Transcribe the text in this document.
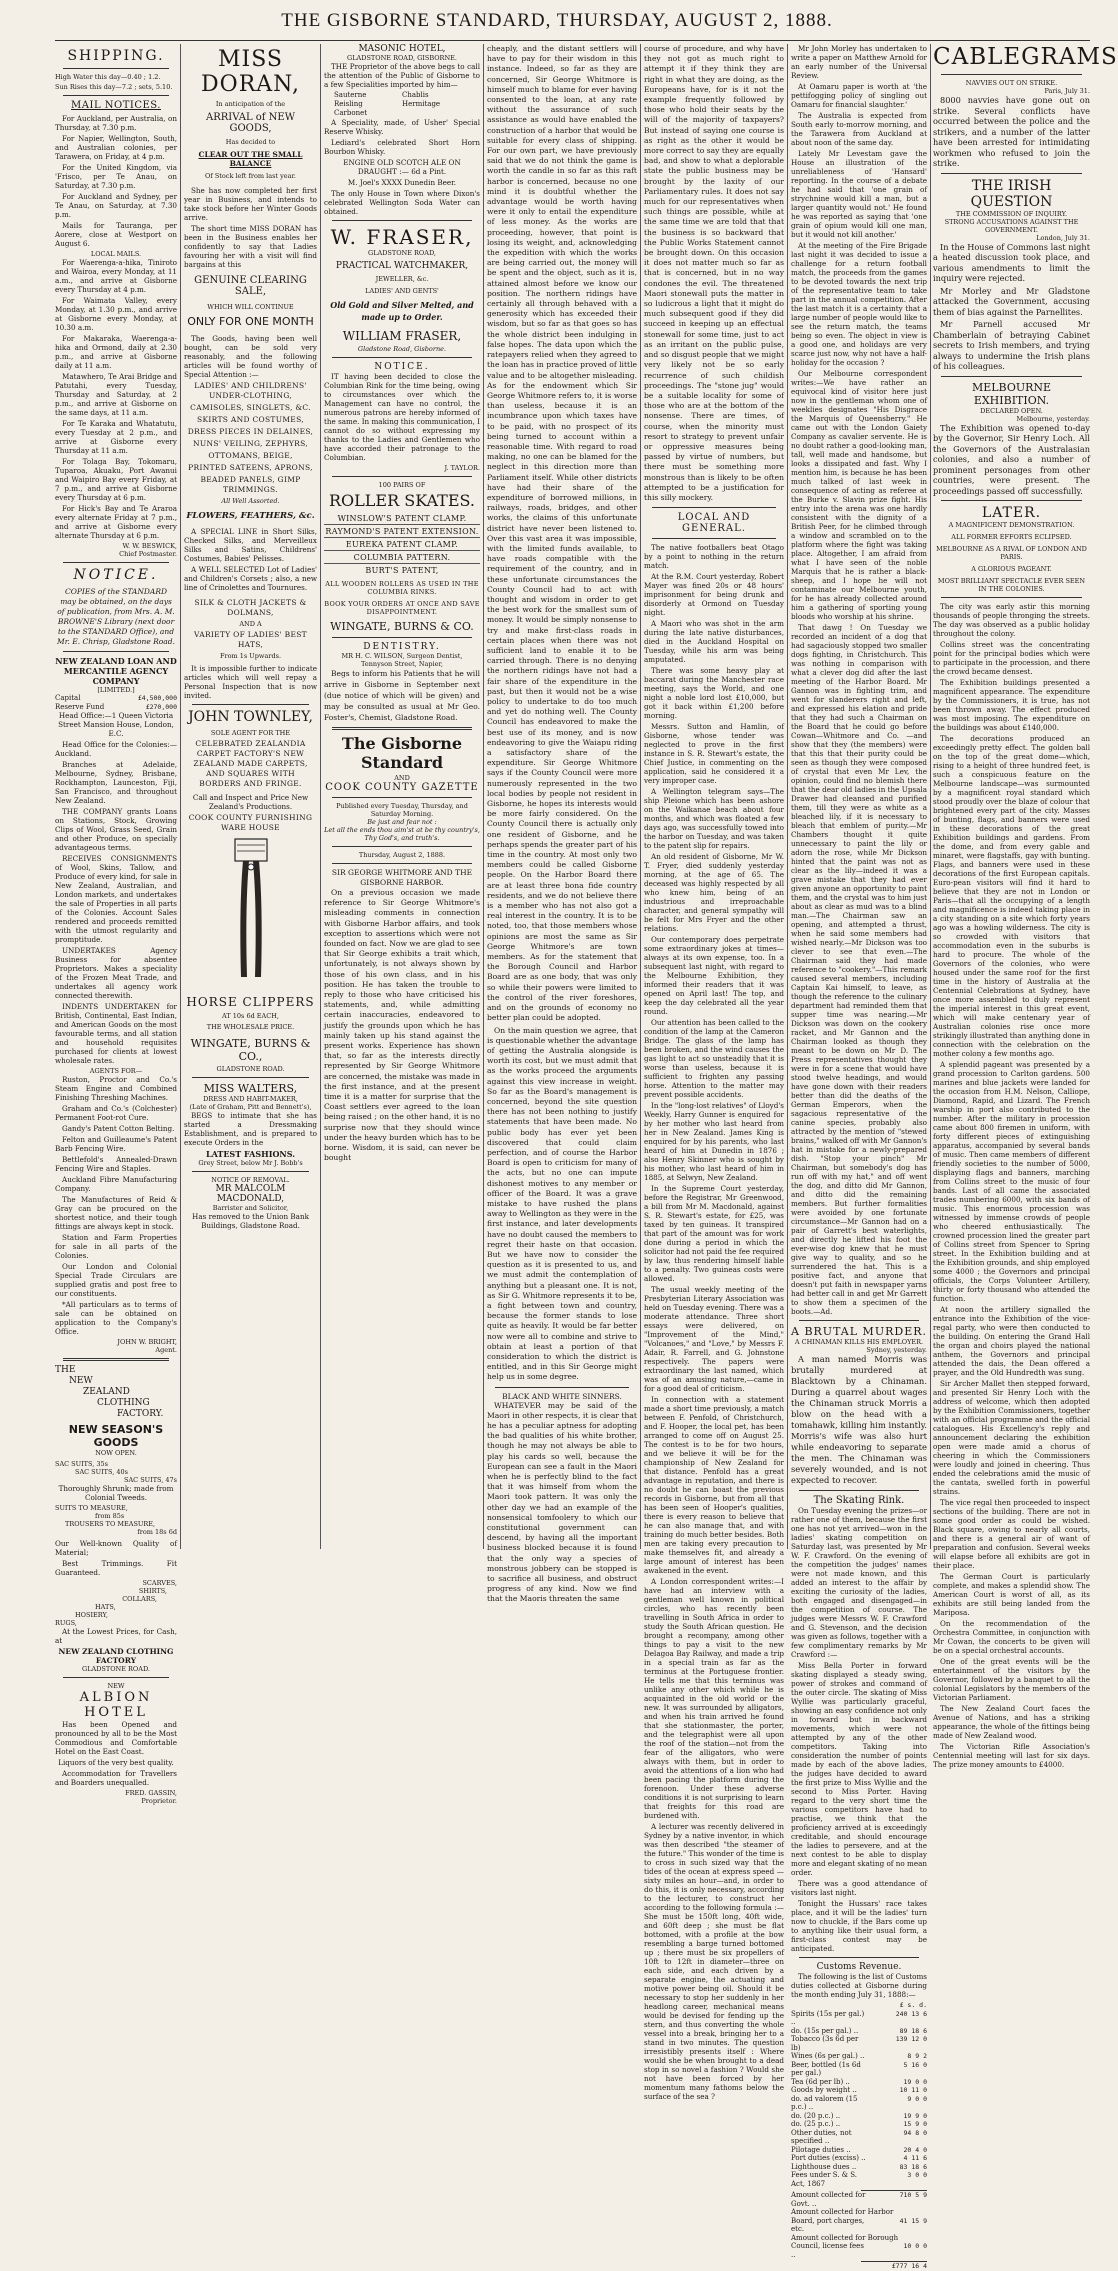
THE GISBORNE STANDARD, THURSDAY, AUGUST 2, 1888.
SHIPPING.
High Water this day—0.40 ; 1.2.
Sun Rises this day—7.2 ; sets, 5.10.
MAIL NOTICES.
For Auckland, per Australia, on Thursday, at 7.30 p.m.
For Napier, Wellington, South, and Australian colonies, per Tarawera, on Friday, at 4 p.m.
For the United Kingdom, via 'Frisco, per Te Anau, on Saturday, at 7.30 p.m.
For Auckland and Sydney, per Te Anau, on Saturday, at 7.30 p.m.
Mails for Tauranga, per Aorere, close at Westport on August 6.
LOCAL MAILS.
For Waerenga-a-hika, Tiniroto and Wairoa, every Monday, at 11 a.m., and arrive at Gisborne every Thursday at 4 p.m.
For Waimata Valley, every Monday, at 1.30 p.m., and arrive at Gisborne every Monday, at 10.30 a.m.
For Makaraka, Waerenga-a-hika and Ormond, daily at 2.30 p.m., and arrive at Gisborne daily at 11 a.m.
Matawhero, Te Arai Bridge and Patutahi, every Tuesday, Thursday and Saturday, at 2 p.m., and arrive at Gisborne on the same days, at 11 a.m.
For Te Karaka and Whatatutu, every Tuesday at 2 p.m., and arrive at Gisborne every Thursday at 11 a.m.
For Tolaga Bay, Tokomaru, Tuparoa, Akuaku, Port Awanui and Waipiro Bay every Friday, at 7 p.m., and arrive at Gisborne every Thursday at 6 p.m.
For Hick's Bay and Te Araroa every alternate Friday at 7 p.m., and arrive at Gisborne every alternate Thursday at 6 p.m.
W. W. BESWICK,
Chief Postmaster.
NOTICE.
COPIES of the STANDARD
may be obtained, on the days
of publication, from Mrs. A. M.
BROWNE'S Library (next door
to the STANDARD Office), and
Mr. E. Chrisp, Gladstone Road.
NEW ZEALAND LOAN AND MERCANTILE AGENCY COMPANY
[LIMITED.]
Capital	£4,500,000
Reserve Fund	£270,000
Head Office:—1 Queen Victoria Street Mansion House, London, E.C.
Head Office for the Colonies:—Auckland.
Branches at Adelaide, Melbourne, Sydney, Brisbane, Rockhampton, Launceston, Fiji, San Francisco, and throughout New Zealand.
THE COMPANY grants Loans on Stations, Stock, Growing Clips of Wool, Grass Seed, Grain and other Produce, on specially advantageous terms.
RECEIVES CONSIGNMENTS of Wool, Skins, Tallow, and Produce of every kind, for sale in New Zealand, Australian, and London markets, and undertakes the sale of Properties in all parts of the Colonies. Account Sales rendered and proceeds remitted with the utmost regularity and promptitude.
UNDERTAKES Agency Business for absentee Proprietors. Makes a speciality of the Frozen Meat Trade, and undertakes all agency work connected therewith.
INDENTS UNDERTAKEN for British, Continental, East Indian, and American Goods on the most favourable terms, and all station and household requisites purchased for clients at lowest wholesale rates.
AGENTS FOR—
Ruston, Proctor and Co.'s Steam Engine and Combined Finishing Threshing Machines.
Graham and Co.'s (Colchester) Permanent Foot-rot Cure.
Gandy's Patent Cotton Belting.
Felton and Guilleaume's Patent Barb Fencing Wire.
Bettlefold's Annealed-Drawn Fencing Wire and Staples.
Auckland Fibre Manufacturing Company.
The Manufactures of Reid & Gray can be procured on the shortest notice, and their tough fittings are always kept in stock.
Station and Farm Properties for sale in all parts of the Colonies.
Our London and Colonial Special Trade Circulars are supplied gratis and post free to our constituents.
*All particulars as to terms of sale can be obtained on application to the Company's Office.
JOHN W. BRIGHT,
Agent.
THE
NEW
ZEALAND
CLOTHING
FACTORY.
NEW SEASON'S GOODS
NOW OPEN.
SAC SUITS, 35s
SAC SUITS, 40s
SAC SUITS, 47s
Thoroughly Shrunk; made from Colonial Tweeds.
SUITS TO MEASURE,
from 85s
TROUSERS TO MEASURE,
from 18s 6d
Our Well-known Quality of Material;
Best Trimmings. Fit Guaranteed.
SCARVES,
SHIRTS,
COLLARS,
HATS,
HOSIERY,
RUGS,
At the Lowest Prices, for Cash, at
NEW ZEALAND CLOTHING FACTORY
GLADSTONE ROAD.
NEW
ALBION HOTEL
Has been Opened and pronounced by all to be the Most Commodious and Comfortable Hotel on the East Coast.
Liquors of the very best quality.
Accommodation for Travellers and Boarders unequalled.
FRED. GASSIN,
Proprietor.
MISS DORAN,
In anticipation of the
ARRIVAL of NEW GOODS,
Has decided to
CLEAR OUT THE SMALL BALANCE
Of Stock left from last year.
She has now completed her first year in Business, and intends to take stock before her Winter Goods arrive.
The short time MISS DORAN has been in the Business enables her confidently to say that Ladies favouring her with a visit will find bargains at this
GENUINE CLEARING SALE,
WHICH WILL CONTINUE
ONLY FOR ONE MONTH
The Goods, having been well bought, can be sold very reasonably, and the following articles will be found worthy of Special Attention :—
LADIES' AND CHILDRENS' UNDER-CLOTHING,
CAMISOLES, SINGLETS, &C.
SKIRTS AND COSTUMES,
DRESS PIECES IN DELAINES,
NUNS' VEILING, ZEPHYRS,
OTTOMANS, BEIGE,
PRINTED SATEENS, APRONS,
BEADED PANELS, GIMP TRIMMINGS.
All Well Assorted.
FLOWERS, FEATHERS, &c.
A SPECIAL LINE in Short Silks, Checked Silks, and Merveilleux Silks and Satins, Childrens' Costumes, Babies' Pelisses.
A WELL SELECTED Lot of Ladies' and Children's Corsets ; also, a new line of Crinolettes and Tournures.
SILK & CLOTH JACKETS & DOLMANS,
AND A
VARIETY OF LADIES' BEST HATS,
From 1s Upwards.
It is impossible further to indicate articles which will well repay a Personal Inspection that is now invited.
JOHN TOWNLEY,
SOLE AGENT FOR THE
CELEBRATED ZEALANDIA CARPET FACTORY'S NEW ZEALAND MADE CARPETS, AND SQUARES WITH BORDERS AND FRINGE.
Call and Inspect and Price New Zealand's Productions.
COOK COUNTY FURNISHING WARE HOUSE
HORSE CLIPPERS
AT 10s 6d EACH,
THE WHOLESALE PRICE.
WINGATE, BURNS & CO.,
GLADSTONE ROAD.
MISS WALTERS,
DRESS AND HABIT-MAKER,
(Late of Graham, Pitt and Bennett's),
BEGS to intimate that she has started a Dressmaking Establishment, and is prepared to execute Orders in the
LATEST FASHIONS.
Grey Street, below Mr J. Bobb's
NOTICE OF REMOVAL.
MR MALCOLM MACDONALD,
Barrister and Solicitor,
Has removed to the Union Bank Buildings, Gladstone Road.
MASONIC HOTEL,
GLADSTONE ROAD, GISBORNE.
THE Proprietor of the above begs to call the attention of the Public of Gisborne to a few Specialities imported by him—
Sauterne	Chablis
Reisling	Hermitage
Carbonet
A Speciality, made, of Usher' Special Reserve Whisky.
Lediard's celebrated Short Horn Bourbon Whisky.
ENGINE OLD SCOTCH ALE ON DRAUGHT :— 6d a Pint.
M. Joel's XXXX Dunedin Beer.
The only House in Town where Dixon's celebrated Wellington Soda Water can obtained.
W. FRASER,
GLADSTONE ROAD,
PRACTICAL WATCHMAKER,
JEWELLER, &c.
LADIES' AND GENTS'
Old Gold and Silver Melted, and made up to Order.
WILLIAM FRASER,
Gladstone Road, Gisborne.
NOTICE.
IT having been decided to close the Columbian Rink for the time being, owing to circumstances over which the Management can have no control, the numerous patrons are hereby informed of the same. In making this communication, I cannot do so without expressing my thanks to the Ladies and Gentlemen who have accorded their patronage to the Columbian.
J. TAYLOR.
100 PAIRS OF
ROLLER SKATES.
WINSLOW'S PATENT CLAMP.
RAYMOND'S PATENT EXTENSION.
EUREKA PATENT CLAMP.
COLUMBIA PATTERN.
BURT'S PATENT,
ALL WOODEN ROLLERS AS USED IN THE COLUMBIA RINKS.
BOOK YOUR ORDERS AT ONCE AND SAVE DISAPPOINTMENT.
WINGATE, BURNS & CO.
DENTISTRY.
MR H. C. WILSON, Surgeon Dentist,
Tennyson Street, Napier,
Begs to inform his Patients that he will arrive in Gisborne in September next (due notice of which will be given) and may be consulted as usual at Mr Geo. Foster's, Chemist, Gladstone Road.
The Gisborne Standard
AND
COOK COUNTY GAZETTE
Published every Tuesday, Thursday, and Saturday Morning.
Be just and fear not :
Let all the ends thou aim'st at be thy country's, Thy God's, and truth's.
Thursday, August 2, 1888.
SIR GEORGE WHITMORE AND THE GISBORNE HARBOR.
On a previous occasion we made reference to Sir George Whitmore's misleading comments in connection with Gisborne Harbor affairs, and took exception to assertions which were not founded on fact. Now we are glad to see that Sir George exhibits a trait which, unfortunately, is not always shown by those of his own class, and in his position. He has taken the trouble to reply to those who have criticised his statements, and, while admitting certain inaccuracies, endeavored to justify the grounds upon which he has mainly taken up his stand against the present works. Experience has shown that, so far as the interests directly represented by Sir George Whitmore are concerned, the mistake was made in the first instance, and at the present time it is a matter for surprise that the Coast settlers ever agreed to the loan being raised ; on the other hand, it is no surprise now that they should wince under the heavy burden which has to be borne. Wisdom, it is said, can never be bought
cheaply, and the distant settlers will have to pay for their wisdom in this instance. Indeed, so far as they are concerned, Sir George Whitmore is himself much to blame for ever having consented to the loan, at any rate without the assurance of such assistance as would have enabled the construction of a harbor that would be suitable for every class of shipping. For our own part, we have previously said that we do not think the game is worth the candle in so far as this raft harbor is concerned, because no one mind it is doubtful whether the advantage would be worth having were it only to entail the expenditure of less money. As the works are proceeding, however, that point is losing its weight, and, acknowledging the expedition with which the works are being carried out, the money will be spent and the object, such as it is, attained almost before we know our position. The northern ridings have certainly all through behaved with a generosity which has exceeded their wisdom, but so far as that goes so has the whole district been indulging in false hopes. The data upon which the ratepayers relied when they agreed to the loan has in practice proved of little value and to be altogether misleading. As for the endowment which Sir George Whitmore refers to, it is worse than useless, because it is an incumbrance upon which taxes have to be paid, with no prospect of its being turned to account within a reasonable time. With regard to road making, no one can be blamed for the neglect in this direction more than Parliament itself. While other districts have had their share of the expenditure of borrowed millions, in railways, roads, bridges, and other works, the claims of this unfortunate district have never been listened to. Over this vast area it was impossible, with the limited funds available, to have roads compatible with the requirement of the country, and in these unfortunate circumstances the County Council had to act with thought and wisdom in order to get the best work for the smallest sum of money. It would be simply nonsense to try and make first-class roads in certain places when there was not sufficient land to enable it to be carried through. There is no denying the northern ridings have not had a fair share of the expenditure in the past, but then it would not be a wise policy to undertake to do too much and yet do nothing well. The County Council has endeavored to make the best use of its money, and is now endeavoring to give the Waiapu riding a satisfactory share of the expenditure. Sir George Whitmore says if the County Council were more numerously represented in the two local bodies by people not resident in Gisborne, he hopes its interests would be more fairly considered. On the County Council there is actually only one resident of Gisborne, and he perhaps spends the greater part of his time in the country. At most only two members could be called Gisborne people. On the Harbor Board there are at least three bona fide country residents, and we do not believe there is a member who has not also got a real interest in the country. It is to be noted, too, that those members whose opinions are most the same as Sir George Whitmore's are town members. As for the statement that the Borough Council and Harbor Board are as one body, that was only so while their powers were limited to the control of the river foreshores, and on the grounds of economy no better plan could be adopted.
On the main question we agree, that is questionable whether the advantage of getting the Australia alongside is worth its cost, but we must admit that as the works proceed the arguments against this view increase in weight. So far as the Board's management is concerned, beyond the site question there has not been nothing to justify statements that have been made. No public body has ever yet been discovered that could claim perfection, and of course the Harbor Board is open to criticism for many of the acts, but no one can impute dishonest motives to any member or officer of the Board. It was a grave mistake to have rushed the plans away to Wellington as they were in the first instance, and later developments have no doubt caused the members to regret their haste on that occasion. But we have now to consider the question as it is presented to us, and we must admit the contemplation of anything but a pleasant one. It is not, as Sir G. Whitmore represents it to be, a fight between town and country, because the former stands to lose quite as heavily. It would be far better now were all to combine and strive to obtain at least a portion of that consideration to which the district is entitled, and in this Sir George might help us in some degree.
BLACK AND WHITE SINNERS.
WHATEVER may be said of the Maori in other respects, it is clear that he has a peculiar aptness for adopting the bad qualities of his white brother, though he may not always be able to play his cards so well, because the European can see a fault in the Maori when he is perfectly blind to the fact that it was himself from whom the Maori took pattern. It was only the other day we had an example of the nonsensical tomfoolery to which our constitutional government can descend, by having all the important business blocked because it is found that the only way a species of monstrous jobbery can be stopped is to sacrifice all business, and obstruct progress of any kind. Now we find that the Maoris threaten the same
course of procedure, and why have they not got as much right to attempt it if they think they are right in what they are doing, as the Europeans have, for is it not the example frequently followed by those who hold their seats by the will of the majority of taxpayers? But instead of saying one course is as right as the other it would be more correct to say they are equally bad, and show to what a deplorable state the public business may be brought by the laxity of our Parliamentary rules. It does not say much for our representatives when such things are possible, while at the same time we are told that that the business is so backward that the Public Works Statement cannot be brought down. On this occasion it does not matter much so far as that is concerned, but in no way condones the evil. The threatened Maori stonewall puts the matter in so ludicrous a light that it might do much subsequent good if they did succeed in keeping up an effectual stonewall for some time, just to act as an irritant on the public pulse, and so disgust people that we might very likely not be so early recurrence of such childish proceedings. The "stone jug" would be a suitable locality for some of those who are at the bottom of the nonsense. There are times, of course, when the minority must resort to strategy to prevent unfair or oppressive measures being passed by virtue of numbers, but there must be something more monstrous than is likely to be often attempted to be a justification for this silly mockery.
LOCAL AND GENERAL.
The native footballers beat Otago by a point to nothing in the return match.
At the R.M. Court yesterday, Robert Mayer was fined 20s or 48 hours' imprisonment for being drunk and disorderly at Ormond on Tuesday night.
A Maori who was shot in the arm during the late native disturbances, died in the Auckland Hospital on Tuesday, while his arm was being amputated.
There was some heavy play at baccarat during the Manchester race meeting, says the World, and one night a noble lord lost £10,000, but got it back within £1,200 before morning.
Messrs. Sutton and Hamlin, of Gisborne, whose tender was neglected to prove in the first instance in S. R. Stewart's estate, the Chief Justice, in commenting on the application, said he considered it a very improper case.
A Wellington telegram says—The ship Pleione which has been ashore on the Waikanae beach about four months, and which was floated a few days ago, was successfully towed into the harbor on Tuesday, and was taken to the patent slip for repairs.
An old resident of Gisborne, Mr W. T. Fryer, died suddenly yesterday morning, at the age of 65. The deceased was highly respected by all who knew him, being of an industrious and irreproachable character, and general sympathy will be felt for Mrs Fryer and the other relations.
Our contemporary does perpetrate some extraordinary jokes at times—always at its own expense, too. In a subsequent last night, with regard to the Melbourne Exhibition, they informed their readers that it was opened on April last! The top, and keep the day celebrated all the year round.
Our attention has been called to the condition of the lamp at the Cameron Bridge. The glass of the lamp has been broken, and the wind causes the gas light to act so unsteadily that it is worse than useless, because it is sufficient to frighten any passing horse. Attention to the matter may prevent possible accidents.
In the "long-lost relatives" of Lloyd's Weekly, Harry Gunner is enquired for by her mother who last heard from her in New Zealand. James King is enquired for by his parents, who last heard of him at Dunedin in 1876 ; also Henry Skinner who is sought by his mother, who last heard of him in 1885, at Selwyn, New Zealand.
In the Supreme Court yesterday, before the Registrar, Mr Greenwood, a bill from Mr M. Macdonald, against S. R. Stewart's estate, for £25, was taxed by ten guineas. It transpired that part of the amount was for work done during a period in which the solicitor had not paid the fee required by law, thus rendering himself liable to a penalty. Two guineas costs were allowed.
The usual weekly meeting of the Presbyterian Literary Association was held on Tuesday evening. There was a moderate attendance. Three short essays were delivered, on "Improvement of the Mind," "Volcanoes," and "Love," by Messrs F. Adair, R. Farrell, and G. Johnstone respectively. The papers were extraordinary the last named, which was of an amusing nature,—came in for a good deal of criticism.
In connection with a statement made a short time previously, a match between F. Penfold, of Christchurch, and F. Hooper, the local pet, has been arranged to come off on August 25. The contest is to be for two hours, and we believe it will be for the championship of New Zealand for that distance. Penfold has a great advantage in reputation, and there is no doubt he can boast the previous records in Gisborne, but from all that has been seen of Hooper's qualities, there is every reason to believe that he can also manage that, and with training do much better besides. Both men are taking every precaution to make themselves fit, and already a large amount of interest has been awakened in the event.
A London correspondent writes:—I have had an interview with a gentleman well known in political circles, who has recently been travelling in South Africa in order to study the South African question. He brought a recompany, among other things to pay a visit to the new Delagoa Bay Railway, and made a trip in a special train as far as the terminus at the Portuguese frontier. He tells me that this terminus was unlike any other which while he is acquainted in the old world or the new. It was surrounded by alligators, and when his train arrived he found that she stationmaster, the porter, and the telegraphist were all upon the roof of the station—not from the fear of the alligators, who were always with them, but in order to avoid the attentions of a lion who had been pacing the platform during the forenoon. Under these adverse conditions it is not surprising to learn that freights for this road are burdened with.
A lecturer was recently delivered in Sydney by a native inventor, in which was then described "the steamer of the future." This wonder of the time is to cross in such sized way that the tides of the ocean at express speed —sixty miles an hour—and, in order to do this, it is only necessary, according to the lecturer, to construct her according to the following formula :— She must be 150ft long, 40ft wide, and 60ft deep ; she must be flat bottomed, with a profile at the bow resembling a barge turned bottomed up ; there must be six propellers of 10ft to 12ft in diameter—three on each side, and each driven by a separate engine, the actuating and motive power being oil. Should it be necessary to stop her suddenly in her headlong career, mechanical means would be devised for fending up the stern, and thus converting the whole vessel into a break, bringing her to a stand in two minutes. The question irresistibly presents itself : Where would she be when brought to a dead stop in so novel a fashion ? Would she not have been forced by her momentum many fathoms below the surface of the sea ?
Mr John Morley has undertaken to write a paper on Matthew Arnold for an early number of the Universal Review.
At Oamaru paper is worth at 'the pettifogging policy of singling out Oamaru for financial slaughter.'
The Australia is expected from South early to-morrow morning, and the Tarawera from Auckland at about noon of the same day.
Lately Mr Levestam gave the House an illustration of the unreliableness of 'Hansard' reporting. In the course of a debate he had said that 'one grain of strychnine would kill a man, but a larger quantity would not.' He found he was reported as saying that 'one grain of opium would kill one man, but it would not kill another.'
At the meeting of the Fire Brigade last night it was decided to issue a challenge for a return football match, the proceeds from the games to be devoted towards the next trip of the representative team to take part in the annual competition. After the last match it is a certainty that a large number of people would like to see the return match, the teams being so even. The object in view is a good one, and holidays are very scarce just now, why not have a half-holiday for the occasion ?
Our Melbourne correspondent writes:—We have rather an equivocal kind of visitor here just now in the gentleman whom one of weeklies designates "His Disgrace the Marquis of Queensberry." He came out with the London Gaiety Company as cavalier servente. He is no doubt rather a good-looking man, tall, well made and handsome, but looks a dissipated and fast. Why I mention him, is because he has been much talked of last week in consequence of acting as referee at the Burke v. Slavin prize fight. His entry into the arena was one hardly consistent with the dignity of a British Peer, for he climbed through a window and scrambled on to the platform where the fight was taking place. Altogether, I am afraid from what I have seen of the noble Marquis that he is rather a black-sheep, and I hope he will not contaminate our Melbourne youth, for he has already collected around him a gathering of sporting young bloods who worship at his shrine.
That dawg ! On Tuesday we recorded an incident of a dog that had sagaciously stopped two smaller dogs fighting, in Christchurch. This was nothing in comparison with what a clever dog did after the last meeting of the Harbor Board. Mr Gannon was in fighting trim, and went for slanderers right and left, and expressed his elation and pride that they had such a Chairman on the Board that he could go before Cowan—Whitmore and Co. —and show that they (the members) were that this that their purity could be seen as though they were composed of crystal that even Mr Lev, the opinion, could find no blemish there that the dear old ladies in the Upsala Drawer had cleansed and purified them, till they were as white as a bleached lily, if it is necessary to bleach that emblem of purity.—Mr Chambers thought it quite unnecessary to paint the lily or adorn the rose, while Mr Dickson hinted that the paint was not as clear as the lily—indeed it was a grave mistake that they had ever given anyone an opportunity to paint them, and the crystal was to him just about as clear as mud was to a blind man.—The Chairman saw an opening, and attempted a thrust, when he said some members had wished nearly.—Mr Dickson was too clever to see that even.—The Chairman said they had made reference to "cookery."—This remark caused several members, including Captain Kai himself, to leave, as though the reference to the culinary department had reminded them that supper time was nearing.—Mr Dickson was down on the cookery racket, and Mr Gannon and the Chairman looked as though they meant to be down on Mr D. The Press representatives thought they were in for a scene that would have stood twelve headings, and would have gone down with their readers better than did the deaths of the German Emperors, when the sagacious representative of the canine species, probably also attracted by the mention of "stewed brains," walked off with Mr Gannon's hat in mistake for a newly-prepared dish. "Stop your pinch" Mr Chairman, but somebody's dog has run off with my hat," and off went the dog, and ditto did Mr Gannon, and ditto did the remaining members. But further formalities were avoided by one fortunate circumstance—Mr Gannon had on a pair of Garrett's best waterlights, and directly he lifted his foot the ever-wise dog knew that he must give way to quality, and so he surrendered the hat. This is a positive fact, and anyone that doesn't put faith in newspaper yarns had better call in and get Mr Garrett to show them a specimen of the boots.—Ad.
A BRUTAL MURDER.
A CHINAMAN KILLS HIS EMPLOYER.
Sydney, yesterday.
A man named Morris was brutally murdered at Blacktown by a Chinaman. During a quarrel about wages the Chinaman struck Morris a blow on the head with a tomahawk, killing him instantly. Morris's wife was also hurt while endeavoring to separate the men. The Chinaman was severely wounded, and is not expected to recover.
The Skating Rink.
On Tuesday evening the prizes—or rather one of them, because the first one has not yet arrived—won in the ladies' skating competition on Saturday last, was presented by Mr W. F. Crawford. On the evening of the competition the judges' names were not made known, and this added an interest to the affair by exciting the curiosity of the ladies, both engaged and disengaged—in the competition of course. The judges were Messrs W. F. Crawford and G. Stevenson, and the decision was given as follows, together with a few complimentary remarks by Mr Crawford :—
Miss Bella Porter in forward skating displayed a steady swing, power of strokes and command of the outer circle. The skating of Miss Wyllie was particularly graceful, showing an easy confidence not only in forward but in backward movements, which were not attempted by any of the other competitors. Taking into consideration the number of points made by each of the above ladies, the judges have decided to award the first prize to Miss Wyllie and the second to Miss Porter. Having regard to the very short time the various competitors have had to practise, we think that the proficiency arrived at is exceedingly creditable, and should encourage the ladies to persevere, and at the next contest to be able to display more and elegant skating of no mean order.
There was a good attendance of visitors last night.
Tonight the Hussars' race takes place, and it will be the ladies' turn now to chuckle, if the Bars come up to anything like their usual form, a first-class contest may be anticipated.
Customs Revenue.
The following is the list of Customs duties collected at Gisborne during the month ending July 31, 1888:—
£ s. d.
Spirits (15s per gal.) ..
240 13 6
do. (15s per gal.) ..	89 18 6
Tobacco (3s 6d per lb)
139 12 0
Wines (6s per gal.) ..	8 9 2
Beer, bottled (1s 6d per gal.)
5 16 0
Tea (6d per lb) ..	19 0 0
Goods by weight ..	10 11 0
do. ad valorem (15 p.c.) ..
9 0 0
do. (20 p.c.) ..	19 9 0
do. (25 p.c.) ..	15 9 0
Other duties, not specified ..
94 8 0
Pilotage duties ..	20 4 0
Port duties (exciss) ..	4 11 6
Lighthouse dues ..	83 18 6
Fees under S. & S. Act, 1867
3 0 0
Amount collected for Govt. ..
710 5 9
Amount collected for Harbor
Board, port charges, etc.
41 15 9
Amount collected for Borough
Council, license fees ..
10 0 0
£777 16 4
CABLEGRAMS
NAVVIES OUT ON STRIKE.
Paris, July 31.
8000 navvies have gone out on strike. Several conflicts have occurred between the police and the strikers, and a number of the latter have been arrested for intimidating workmen who refused to join the strike.
THE IRISH QUESTION
THE COMMISSION OF INQUIRY.
STRONG ACCUSATIONS AGAINST THE GOVERNMENT.
London, July 31.
In the House of Commons last night a heated discussion took place, and various amendments to limit the inquiry were rejected.
Mr Morley and Mr Gladstone attacked the Government, accusing them of bias against the Parnellites.
Mr Parnell accused Mr Chamberlain of betraying Cabinet secrets to Irish members, and trying always to undermine the Irish plans of his colleagues.
MELBOURNE EXHIBITION.
DECLARED OPEN.
Melbourne, yesterday.
The Exhibition was opened to-day by the Governor, Sir Henry Loch. All the Governors of the Australasian colonies, and also a number of prominent personages from other countries, were present. The proceedings passed off successfully.
LATER.
A MAGNIFICENT DEMONSTRATION.
ALL FORMER EFFORTS ECLIPSED.
MELBOURNE AS A RIVAL OF LONDON AND PARIS.
A GLORIOUS PAGEANT.
MOST BRILLIANT SPECTACLE EVER SEEN IN THE COLONIES.
The city was early astir this morning thousands of people thronging the streets. The day was observed as a public holiday throughout the colony.
Collins street was the concentrating point for the principal bodies which were to participate in the procession, and there the crowd became densest.
The Exhibition buildings presented a magnificent appearance. The expenditure by the Commissioners, it is true, has not been thrown away. The effect produced was most imposing. The expenditure on the buildings was about £140,000.
The decorations produced an exceedingly pretty effect. The golden ball on the top of the great dome—which, rising to a height of three hundred feet, is such a conspicuous feature on the Melbourne landscape—was surmounted by a magnificent royal standard which stood proudly over the blaze of colour that brightened every part of the city. Masses of bunting, flags, and banners were used in these decorations of the great Exhibition buildings and gardens. From the dome, and from every gable and minaret, were flagstaffs, gay with bunting. Flags, and banners were used in these decorations of the first European capitals. Euro-pean visitors will find it hard to believe that they are not in London or Paris—that all the occupying of a length and magnificence is indeed taking place in a city standing on a site which forty years ago was a howling wilderness. The city is so crowded with visitors that accommodation even in the suburbs is hard to procure. The whole of the Governors of the colonies, who were housed under the same roof for the first time in the history of Australia at the Centennial Celebrations at Sydney, have once more assembled to duly represent the imperial interest in this great event, which will make centenary year of Australian colonies rise once more strikingly illustrated than anything done in connection with the celebration on the mother colony a few months ago.
A splendid pageant was presented by a grand procession to Carlton gardens. 500 marines and blue jackets were landed for the occasion from H.M. Nelson, Calliope, Diamond, Rapid, and Lizard. The French warship in port also contributed to the number. After the military in procession came about 800 firemen in uniform, with forty different pieces of extinguishing apparatus, accompanied by several bands of music. Then came members of different friendly societies to the number of 5000, displaying flags and banners, marching from Collins street to the music of four bands. Last of all came the associated trades numbering 6000, with six bands of music. This enormous procession was witnessed by immense crowds of people who cheered enthusiastically. The crowned procession lined the greater part of Collins street from Spencer to Spring street. In the Exhibition building and at the Exhibition grounds, and ship employed some 4000 ; the Governors and principal officials, the Corps Volunteer Artillery, thirty or forty thousand who attended the function.
At noon the artillery signalled the entrance into the Exhibition of the vice-regal party, who were then conducted to the building. On entering the Grand Hall the organ and choirs played the national anthem, the Governors and principal attended the dais, the Dean offered a prayer, and the Old Hundredth was sung.
Sir Archer Mallet then stepped forward, and presented Sir Henry Loch with the address of welcome, which then adopted by the Exhibition Commissioners, together with an official programme and the official catalogues. His Excellency's reply and announcement declaring the exhibition open were made amid a chorus of cheering in which the Commissioners were loudly and joined in cheering. Thus ended the celebrations amid the music of the cantata, swelled forth in powerful strains.
The vice regal then proceeded to inspect sections of the building. There are not in some good order as could be wished. Black square, owing to nearly all courts, and there is a general air of want of preparation and confusion. Several weeks will elapse before all exhibits are got in their place.
The German Court is particularly complete, and makes a splendid show. The American Court is worst of all, as its exhibits are still being landed from the Mariposa.
On the recommendation of the Orchestra Committee, in conjunction with Mr Cowan, the concerts to be given will be on a special orchestral accounts.
One of the great events will be the entertainment of the visitors by the Governor, followed by a banquet to all the colonial Legislators by the members of the Victorian Parliament.
The New Zealand Court faces the Avenue of Nations, and has a striking appearance, the whole of the fittings being made of New Zealand wood.
The Victorian Rifle Association's Centennial meeting will last for six days. The prize money amounts to £4000.
